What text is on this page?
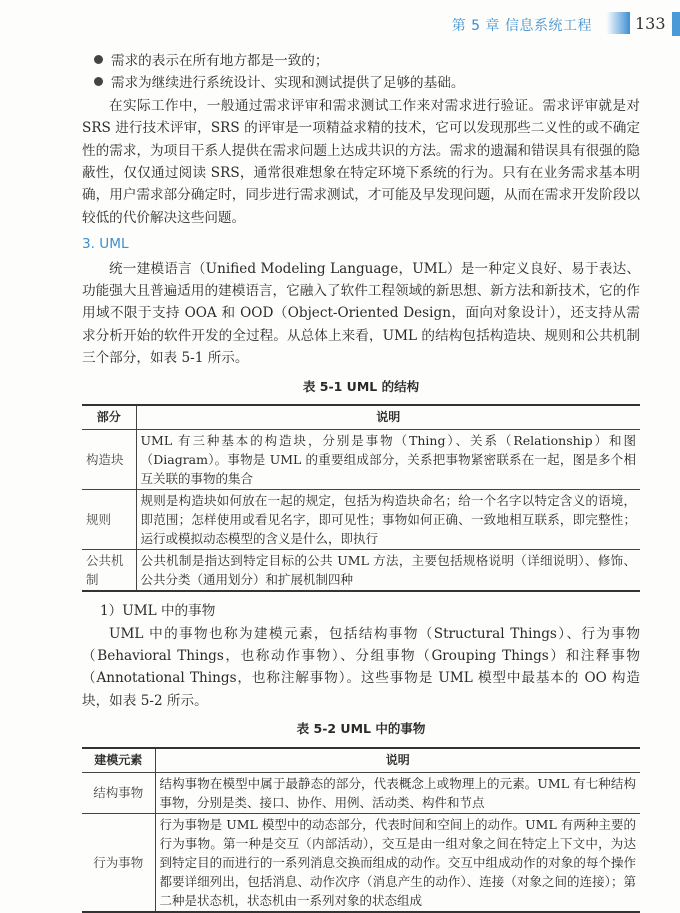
第 5 章 信息系统工程	133

需求的表示在所有地方都是一致的；

需求为继续进行系统设计、实现和测试提供了足够的基础。

在实际工作中，一般通过需求评审和需求测试工作来对需求进行验证。需求评审就是对 SRS 进行技术评审，SRS 的评审是一项精益求精的技术，它可以发现那些二义性的或不确定性的需求，为项目干系人提供在需求问题上达成共识的方法。需求的遗漏和错误具有很强的隐蔽性，仅仅通过阅读 SRS，通常很难想象在特定环境下系统的行为。只有在业务需求基本明确，用户需求部分确定时，同步进行需求测试，才可能及早发现问题，从而在需求开发阶段以较低的代价解决这些问题。

3. UML

统一建模语言（Unified Modeling Language，UML）是一种定义良好、易于表达、功能强大且普遍适用的建模语言，它融入了软件工程领域的新思想、新方法和新技术，它的作用域不限于支持 OOA 和 OOD（Object-Oriented Design，面向对象设计），还支持从需求分析开始的软件开发的全过程。从总体上来看，UML 的结构包括构造块、规则和公共机制三个部分，如表 5-1 所示。

表 5-1 UML 的结构
部分	说明
构造块	UML 有三种基本的构造块，分别是事物（Thing）、关系（Relationship）和图（Diagram）。事物是 UML 的重要组成部分，关系把事物紧密联系在一起，图是多个相互关联的事物的集合
规则	规则是构造块如何放在一起的规定，包括为构造块命名；给一个名字以特定含义的语境，即范围；怎样使用或看见名字，即可见性；事物如何正确、一致地相互联系，即完整性；运行或模拟动态模型的含义是什么，即执行
公共机制	公共机制是指达到特定目标的公共 UML 方法，主要包括规格说明（详细说明）、修饰、公共分类（通用划分）和扩展机制四种

1）UML 中的事物

UML 中的事物也称为建模元素，包括结构事物（Structural Things）、行为事物（Behavioral Things，也称动作事物）、分组事物（Grouping Things）和注释事物（Annotational Things，也称注解事物）。这些事物是 UML 模型中最基本的 OO 构造块，如表 5-2 所示。

表 5-2 UML 中的事物
建模元素	说明
结构事物	结构事物在模型中属于最静态的部分，代表概念上或物理上的元素。UML 有七种结构事物，分别是类、接口、协作、用例、活动类、构件和节点
行为事物	行为事物是 UML 模型中的动态部分，代表时间和空间上的动作。UML 有两种主要的行为事物。第一种是交互（内部活动），交互是由一组对象之间在特定上下文中，为达到特定目的而进行的一系列消息交换而组成的动作。交互中组成动作的对象的每个操作都要详细列出，包括消息、动作次序（消息产生的动作）、连接（对象之间的连接）；第二种是状态机，状态机由一系列对象的状态组成
